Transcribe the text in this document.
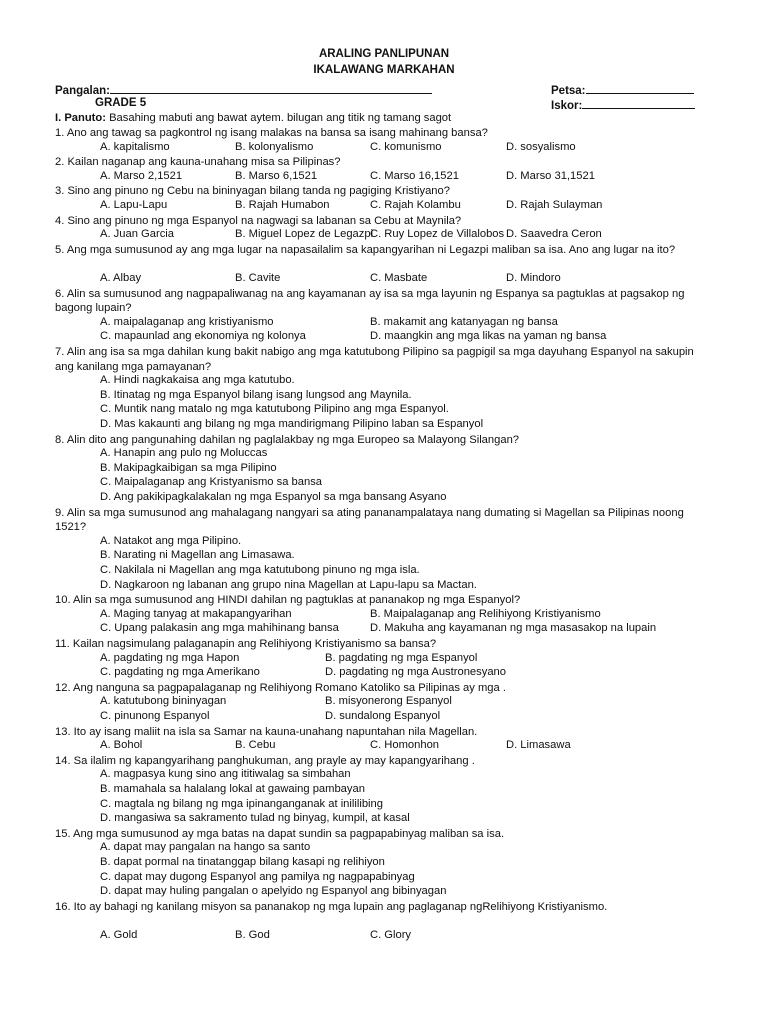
ARALING PANLIPUNAN
IKALAWANG MARKAHAN
Pangalan:	Petsa:
GRADE 5	Iskor:
I. Panuto: Basahing mabuti ang bawat aytem. bilugan ang titik ng tamang sagot
1. Ano ang tawag sa pagkontrol ng isang malakas na bansa sa isang mahinang bansa?
A. kapitalismo	B. kolonyalismo	C. komunismo	D. sosyalismo
2. Kailan naganap ang kauna-unahang misa sa Pilipinas?
A. Marso 2,1521	B. Marso 6,1521	C. Marso 16,1521	D. Marso 31,1521
3. Sino ang pinuno ng Cebu na bininyagan bilang tanda ng pagiging Kristiyano?
A. Lapu-Lapu	B. Rajah Humabon	C. Rajah Kolambu	D. Rajah Sulayman
4. Sino ang pinuno ng mga Espanyol na nagwagi sa labanan sa Cebu at Maynila?
A. Juan Garcia	B. Miguel Lopez de Legazpi
C. Ruy Lopez de Villalobos D. Saavedra Ceron
5. Ang mga sumusunod ay ang mga lugar na napasailalim sa kapangyarihan ni Legazpi maliban sa isa. Ano ang lugar na ito?
A. Albay	B. Cavite	C. Masbate	D. Mindoro
6. Alin sa sumusunod ang nagpapaliwanag na ang kayamanan ay isa sa mga layunin ng Espanya sa pagtuklas at pagsakop ng bagong lupain?
A. maipalaganap ang kristiyanismo	B. makamit ang katanyagan ng bansa
C. mapaunlad ang ekonomiya ng kolonya	D. maangkin ang mga likas na yaman ng bansa
7. Alin ang isa sa mga dahilan kung bakit nabigo ang mga katutubong Pilipino sa pagpigil sa mga dayuhang Espanyol na sakupin ang kanilang mga pamayanan?
A. Hindi nagkakaisa ang mga katutubo.
B. Itinatag ng mga Espanyol bilang isang lungsod ang Maynila.
C. Muntik nang matalo ng mga katutubong Pilipino ang mga Espanyol.
D. Mas kakaunti ang bilang ng mga mandirigmang Pilipino laban sa Espanyol
8. Alin dito ang pangunahing dahilan ng paglalakbay ng mga Europeo sa Malayong Silangan?
A. Hanapin ang pulo ng Moluccas
B. Makipagkaibigan sa mga Pilipino
C. Maipalaganap ang Kristyanismo sa bansa
D. Ang pakikipagkalakalan ng mga Espanyol sa mga bansang Asyano
9. Alin sa mga sumusunod ang mahalagang nangyari sa ating pananampalataya nang dumating si Magellan sa Pilipinas noong 1521?
A. Natakot ang mga Pilipino.
B. Narating ni Magellan ang Limasawa.
C. Nakilala ni Magellan ang mga katutubong pinuno ng mga isla.
D. Nagkaroon ng labanan ang grupo nina Magellan at Lapu-lapu sa Mactan.
10. Alin sa mga sumusunod ang HINDI dahilan ng pagtuklas at pananakop ng mga Espanyol?
A. Maging tanyag at makapangyarihan	B. Maipalaganap ang Relihiyong Kristiyanismo
C. Upang palakasin ang mga mahihinang bansa	D. Makuha ang kayamanan ng mga masasakop na lupain
11. Kailan nagsimulang palaganapin ang Relihiyong Kristiyanismo sa bansa?
A. pagdating ng mga Hapon	B. pagdating ng mga Espanyol
C. pagdating ng mga Amerikano	D. pagdating ng mga Austronesyano
12. Ang nanguna sa pagpapalaganap ng Relihiyong Romano Katoliko sa Pilipinas ay mga .
A. katutubong bininyagan	B. misyonerong Espanyol
C. pinunong Espanyol	D. sundalong Espanyol
13. Ito ay isang maliit na isla sa Samar na kauna-unahang napuntahan nila Magellan.
A. Bohol	B. Cebu	C. Homonhon	D. Limasawa
14. Sa ilalim ng kapangyarihang panghukuman, ang prayle ay may kapangyarihang .
A. magpasya kung sino ang ititiwalag sa simbahan
B. mamahala sa halalang lokal at gawaing pambayan
C. magtala ng bilang ng mga ipinanganganak at inililibing
D. mangasiwa sa sakramento tulad ng binyag, kumpil, at kasal
15. Ang mga sumusunod ay mga batas na dapat sundin sa pagpapabinyag maliban sa isa.
A. dapat may pangalan na hango sa santo
B. dapat pormal na tinatanggap bilang kasapi ng relihiyon
C. dapat may dugong Espanyol ang pamilya ng nagpapabinyag
D. dapat may huling pangalan o apelyido ng Espanyol ang bibinyagan
16. Ito ay bahagi ng kanilang misyon sa pananakop ng mga lupain ang paglaganap ngRelihiyong Kristiyanismo.
A. Gold	B. God	C. Glory
